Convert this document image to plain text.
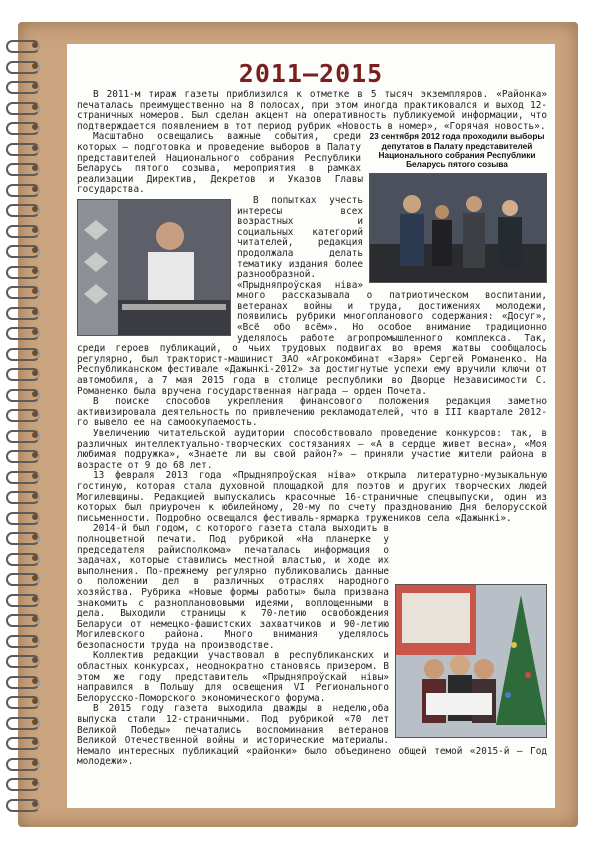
2011–2015

В 2011-м тираж газеты приблизился к отметке в 5 тысяч экземпляров. «Районка» печаталась преимущественно на 8 полосах, при этом иногда практиковался и выход 12-страничных номеров. Был сделан акцент на оперативность публикуемой информации, что подтверждается появлением в тот период рубрик «Новость в номер», «Горячая новость».

23 сентября 2012 года проходили выборы депутатов в Палату представителей Национального собрания Республики Беларусь пятого созыва

Масштабно освещались важные события, среди которых – подготовка и проведение выборов в Палату представителей Национального собрания Республики Беларусь пятого созыва, мероприятия в рамках реализации Директив, Декретов и Указов Главы государства.

В попытках учесть интересы всех возрастных и социальных категорий читателей, редакция продолжала делать тематику издания более разнообразной. «Прыдняпроўская ніва» много рассказывала о патриотическом воспитании, ветеранах войны и труда, достижениях молодежи, появились рубрики многопланового содержания: «Досуг», «Всё обо всём». Но особое внимание традиционно уделялось работе агропромышленного комплекса. Так, среди героев публикаций, о чьих трудовых подвигах во время жатвы сообщалось регулярно, был тракторист-машинист ЗАО «Агрокомбинат «Заря» Сергей Романенко. На Республиканском фестивале «Дажынкі-2012» за достигнутые успехи ему вручили ключи от автомобиля, а 7 мая 2015 года в столице республики во Дворце Независимости С. Романенко была вручена государственная награда – орден Почета.

В поиске способов укрепления финансового положения редакция заметно активизировала деятельность по привлечению рекламодателей, что в III квартале 2012-го вывело ее на самоокупаемость.

Увеличению читательской аудитории способствовало проведение конкурсов: так, в различных интеллектуально-творческих состязаниях – «А в сердце живет весна», «Моя любимая подружка», «Знаете ли вы свой район?» – приняли участие жители района в возрасте от 9 до 68 лет.

13 февраля 2013 года «Прыдняпроўская ніва» открыла литературно-музыкальную гостиную, которая стала духовной площадкой для поэтов и других творческих людей Могилевщины. Редакцией выпускались красочные 16-страничные спецвыпуски, один из которых был приурочен к юбилейному, 20-му по счету празднованию Дня белорусской письменности. Подробно освещался фестиваль-ярмарка тружеников села «Дажынкі».

2014-й был годом, с которого газета стала выходить в полноцветной печати. Под рубрикой «На планерке у председателя райисполкома» печаталась информация о задачах, которые ставились местной властью, и ходе их выполнения. По-прежнему регулярно публиковались данные о положении дел в различных отраслях народного хозяйства. Рубрика «Новые формы работы» была призвана знакомить с разнопланововыми идеями, воплощенными в дела. Выходили страницы к 70-летию освобождения Беларуси от немецко-фашистских захватчиков и 90-летию Могилевского района. Много внимания уделялось безопасности труда на производстве.

Коллектив редакции участвовал в республиканских и областных конкурсах, неоднократно становясь призером. В этом же году представитель «Прыдняпроўскай нівы» направился в Польшу для освещения VI Регионального Белорусско-Поморского экономического форума.

В 2015 году газета выходила дважды в неделю,оба выпуска стали 12-страничными. Под рубрикой «70 лет Великой Победы» печатались воспоминания ветеранов Великой Отечественной войны и исторические материалы. Немало интересных публикаций «районки» было объединено общей темой «2015-й – Год молодежи».
